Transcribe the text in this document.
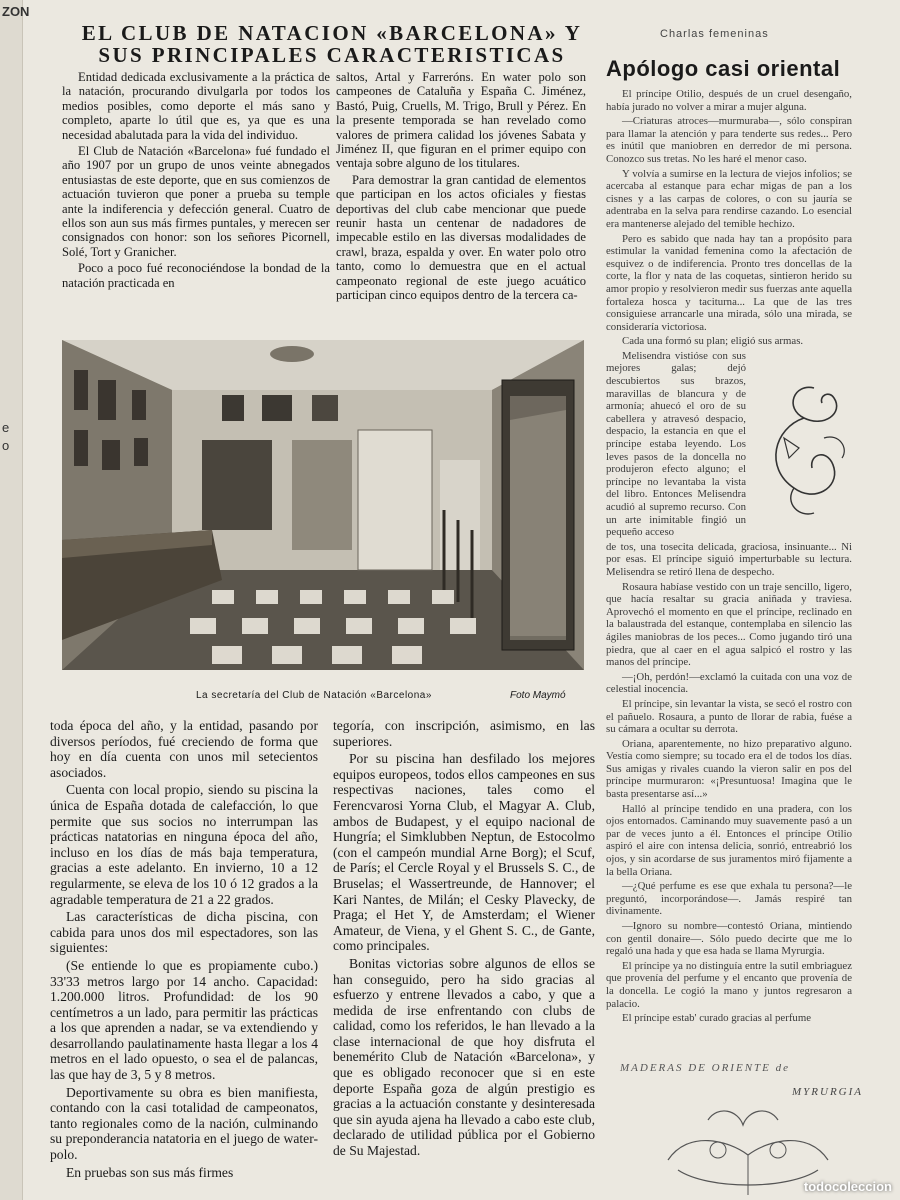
ZON
e
o
EL CLUB DE NATACION «BARCELONA» Y SUS PRINCIPALES CARACTERISTICAS

Entidad dedicada exclusivamente a la práctica de la natación, procurando divulgarla por todos los medios posibles, como deporte el más sano y completo, aparte lo útil que es, ya que es una necesidad abalutada para la vida del individuo.

El Club de Natación «Barcelona» fué fundado el año 1907 por un grupo de unos veinte abnegados entusiastas de este deporte, que en sus comienzos de actuación tuvieron que poner a prueba su temple ante la indiferencia y defección general. Cuatro de ellos son aun sus más firmes puntales, y merecen ser consignados con honor: son los señores Picornell, Solé, Tort y Granicher.

Poco a poco fué reconociéndose la bondad de la natación practicada en

saltos, Artal y Farreróns. En water polo son campeones de Cataluña y España C. Jiménez, Bastó, Puig, Cruells, M. Trigo, Brull y Pérez. En la presente temporada se han revelado como valores de primera calidad los jóvenes Sabata y Jiménez II, que figuran en el primer equipo con ventaja sobre alguno de los titulares.

Para demostrar la gran cantidad de elementos que participan en los actos oficiales y fiestas deportivas del club cabe mencionar que puede reunir hasta un centenar de nadadores de impecable estilo en las diversas modalidades de crawl, braza, espalda y over. En water polo otro tanto, como lo demuestra que en el actual campeonato regional de este juego acuático participan cinco equipos dentro de la tercera ca-

La secretaría del Club de Natación «Barcelona»	Foto Maymó

toda época del año, y la entidad, pasando por diversos períodos, fué creciendo de forma que hoy en día cuenta con unos mil setecientos asociados.

Cuenta con local propio, siendo su piscina la única de España dotada de calefacción, lo que permite que sus socios no interrumpan las prácticas natatorias en ninguna época del año, incluso en los días de más baja temperatura, gracias a este adelanto. En invierno, 10 a 12 regularmente, se eleva de los 10 ó 12 grados a la agradable temperatura de 21 a 22 grados.

Las características de dicha piscina, con cabida para unos dos mil espectadores, son las siguientes:

(Se entiende lo que es propiamente cubo.) 33'33 metros largo por 14 ancho. Capacidad: 1.200.000 litros. Profundidad: de los 90 centímetros a un lado, para permitir las prácticas a los que aprenden a nadar, se va extendiendo y desarrollando paulatinamente hasta llegar a los 4 metros en el lado opuesto, o sea el de palancas, las que hay de 3, 5 y 8 metros.

Deportivamente su obra es bien manifiesta, contando con la casi totalidad de campeonatos, tanto regionales como de la nación, culminando su preponderancia natatoria en el juego de water-polo.

En pruebas son sus más firmes

tegoría, con inscripción, asimismo, en las superiores.

Por su piscina han desfilado los mejores equipos europeos, todos ellos campeones en sus respectivas naciones, tales como el Ferencvarosi Yorna Club, el Magyar A. Club, ambos de Budapest, y el equipo nacional de Hungría; el Simklubben Neptun, de Estocolmo (con el campeón mundial Arne Borg); el Scuf, de París; el Cercle Royal y el Brussels S. C., de Bruselas; el Wassertreunde, de Hannover; el Kari Nantes, de Milán; el Cesky Plavecky, de Praga; el Het Y, de Amsterdam; el Wiener Amateur, de Viena, y el Ghent S. C., de Gante, como principales.

Bonitas victorias sobre algunos de ellos se han conseguido, pero ha sido gracias al esfuerzo y entrene llevados a cabo, y que a medida de irse enfrentando con clubs de calidad, como los referidos, le han llevado a la clase internacional de que hoy disfruta el benemérito Club de Natación «Barcelona», y que es obligado reconocer que si en este deporte España goza de algún prestigio es gracias a la actuación constante y desinteresada que sin ayuda ajena ha llevado a cabo este club, declarado de utilidad pública por el Gobierno de Su Majestad.

Charlas femeninas
Apólogo casi oriental

El príncipe Otilio, después de un cruel desengaño, había jurado no volver a mirar a mujer alguna.

—Criaturas atroces—murmuraba—, sólo conspiran para llamar la atención y para tenderte sus redes... Pero es inútil que maniobren en derredor de mi persona. Conozco sus tretas. No les haré el menor caso.

Y volvía a sumirse en la lectura de viejos infolios; se acercaba al estanque para echar migas de pan a los cisnes y a las carpas de colores, o con su jauría se adentraba en la selva para rendirse cazando. Lo esencial era mantenerse alejado del temible hechizo.

Pero es sabido que nada hay tan a propósito para estimular la vanidad femenina como la afectación de esquivez o de indiferencia. Pronto tres doncellas de la corte, la flor y nata de las coquetas, sintieron herido su amor propio y resolvieron medir sus fuerzas ante aquella fortaleza hosca y taciturna... La que de las tres consiguiese arrancarle una mirada, sólo una mirada, se consideraría victoriosa.

Cada una formó su plan; eligió sus armas.

Melisendra vistióse con sus mejores galas; dejó descubiertos sus brazos, maravillas de blancura y de armonía; ahuecó el oro de su cabellera y atravesó despacio, despacio, la estancia en que el príncipe estaba leyendo. Los leves pasos de la doncella no produjeron efecto alguno; el príncipe no levantaba la vista del libro. Entonces Melisendra acudió al supremo recurso. Con un arte inimitable fingió un pequeño acceso

de tos, una tosecita delicada, graciosa, insinuante... Ni por esas. El príncipe siguió imperturbable su lectura. Melisendra se retiró llena de despecho.

Rosaura habíase vestido con un traje sencillo, ligero, que hacía resaltar su gracia aniñada y traviesa. Aprovechó el momento en que el príncipe, reclinado en la balaustrada del estanque, contemplaba en silencio las ágiles maniobras de los peces... Como jugando tiró una piedra, que al caer en el agua salpicó el rostro y las manos del príncipe.

—¡Oh, perdón!—exclamó la cuitada con una voz de celestial inocencia.

El príncipe, sin levantar la vista, se secó el rostro con el pañuelo. Rosaura, a punto de llorar de rabia, fuése a su cámara a ocultar su derrota.

Oriana, aparentemente, no hizo preparativo alguno. Vestía como siempre; su tocado era el de todos los días. Sus amigas y rivales cuando la vieron salir en pos del príncipe murmuraron: «¡Presuntuosa! Imagina que le basta presentarse así...»

Halló al príncipe tendido en una pradera, con los ojos entornados. Caminando muy suavemente pasó a un par de veces junto a él. Entonces el príncipe Otilio aspiró el aire con intensa delicia, sonrió, entreabrió los ojos, y sin acordarse de sus juramentos miró fijamente a la bella Oriana.

—¿Qué perfume es ese que exhala tu persona?—le preguntó, incorporándose—. Jamás respiré tan divinamente.

—Ignoro su nombre—contestó Oriana, mintiendo con gentil donaire—. Sólo puedo decirte que me lo regaló una hada y que esa hada se llama Myrurgia.

El príncipe ya no distinguía entre la sutil embriaguez que provenía del perfume y el encanto que provenía de la doncella. Le cogió la mano y juntos regresaron a palacio.

El príncipe estab' curado gracias al perfume

MADERAS DE ORIENTE de
MYRURGIA
todocoleccion
